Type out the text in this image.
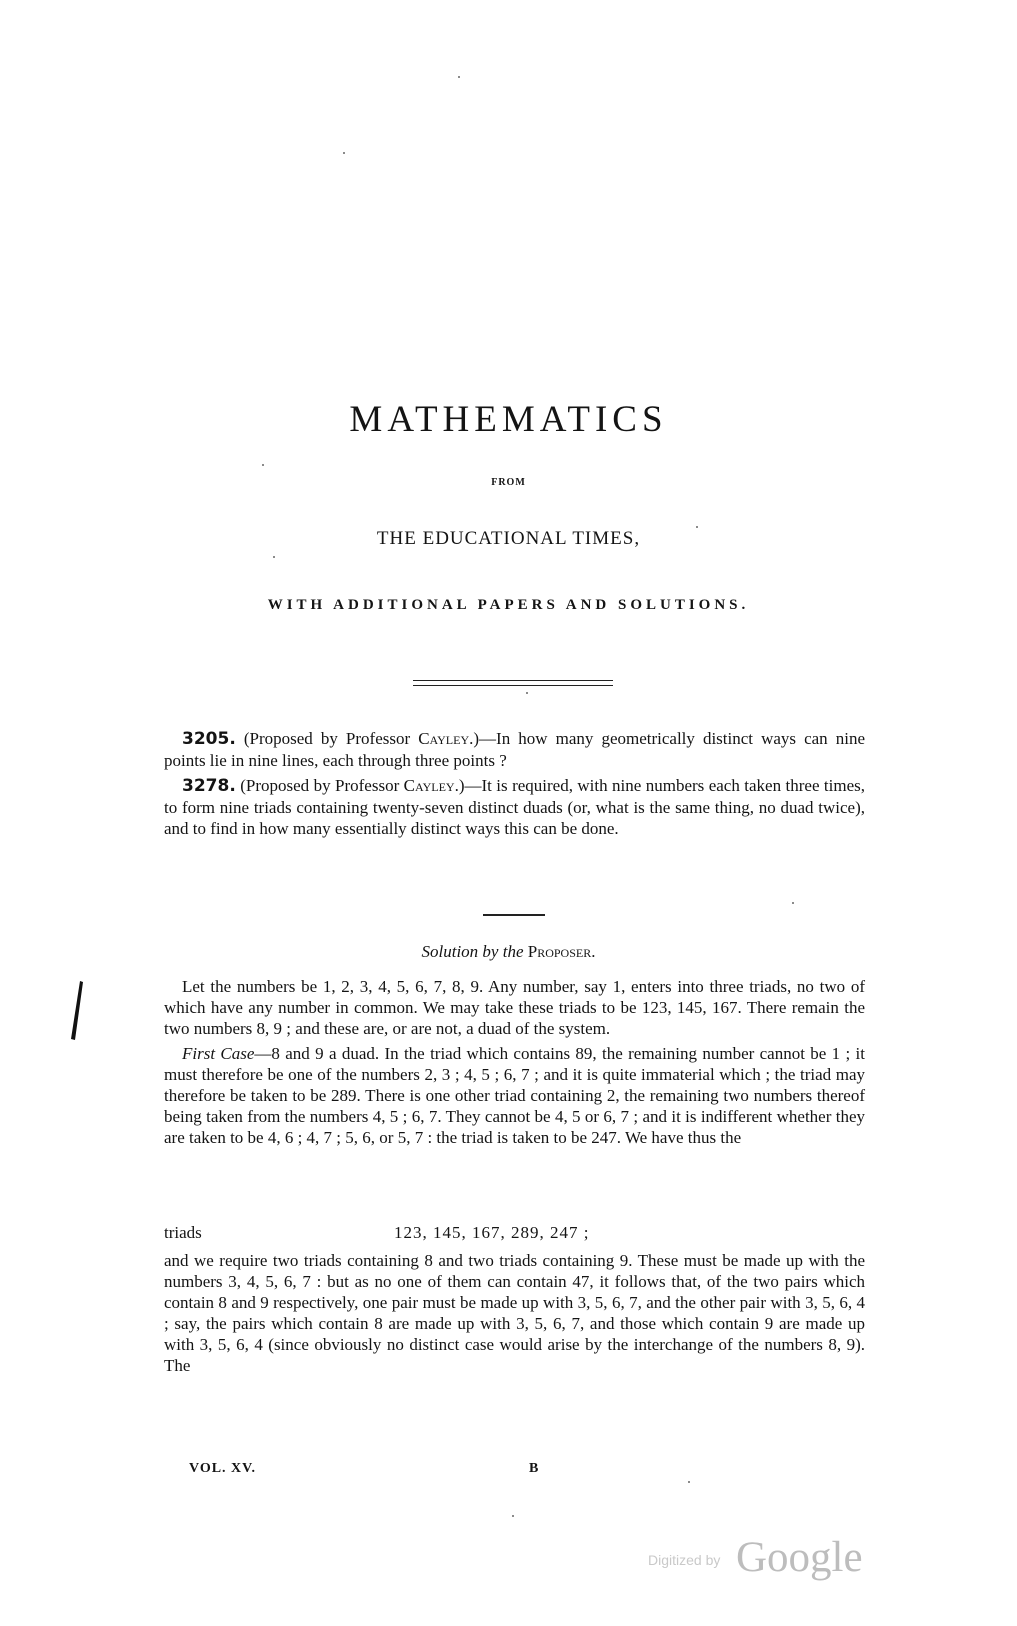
MATHEMATICS
FROM
THE EDUCATIONAL TIMES,
WITH ADDITIONAL PAPERS AND SOLUTIONS.

3205. (Proposed by Professor Cayley.)—In how many geometrically distinct ways can nine points lie in nine lines, each through three points ?

3278. (Proposed by Professor Cayley.)—It is required, with nine numbers each taken three times, to form nine triads containing twenty-seven distinct duads (or, what is the same thing, no duad twice), and to find in how many essentially distinct ways this can be done.

Solution by the Proposer.

Let the numbers be 1, 2, 3, 4, 5, 6, 7, 8, 9. Any number, say 1, enters into three triads, no two of which have any number in common. We may take these triads to be 123, 145, 167. There remain the two numbers 8, 9 ; and these are, or are not, a duad of the system.

First Case—8 and 9 a duad. In the triad which contains 89, the remaining number cannot be 1 ; it must therefore be one of the numbers 2, 3 ; 4, 5 ; 6, 7 ; and it is quite immaterial which ; the triad may therefore be taken to be 289. There is one other triad containing 2, the remaining two numbers thereof being taken from the numbers 4, 5 ; 6, 7. They cannot be 4, 5 or 6, 7 ; and it is indifferent whether they are taken to be 4, 6 ; 4, 7 ; 5, 6, or 5, 7 : the triad is taken to be 247. We have thus the

triads	123, 145, 167, 289, 247 ;

and we require two triads containing 8 and two triads containing 9. These must be made up with the numbers 3, 4, 5, 6, 7 : but as no one of them can contain 47, it follows that, of the two pairs which contain 8 and 9 respectively, one pair must be made up with 3, 5, 6, 7, and the other pair with 3, 5, 6, 4 ; say, the pairs which contain 8 are made up with 3, 5, 6, 7, and those which contain 9 are made up with 3, 5, 6, 4 (since obviously no distinct case would arise by the interchange of the numbers 8, 9). The

VOL. XV.	B
Digitized by Google
